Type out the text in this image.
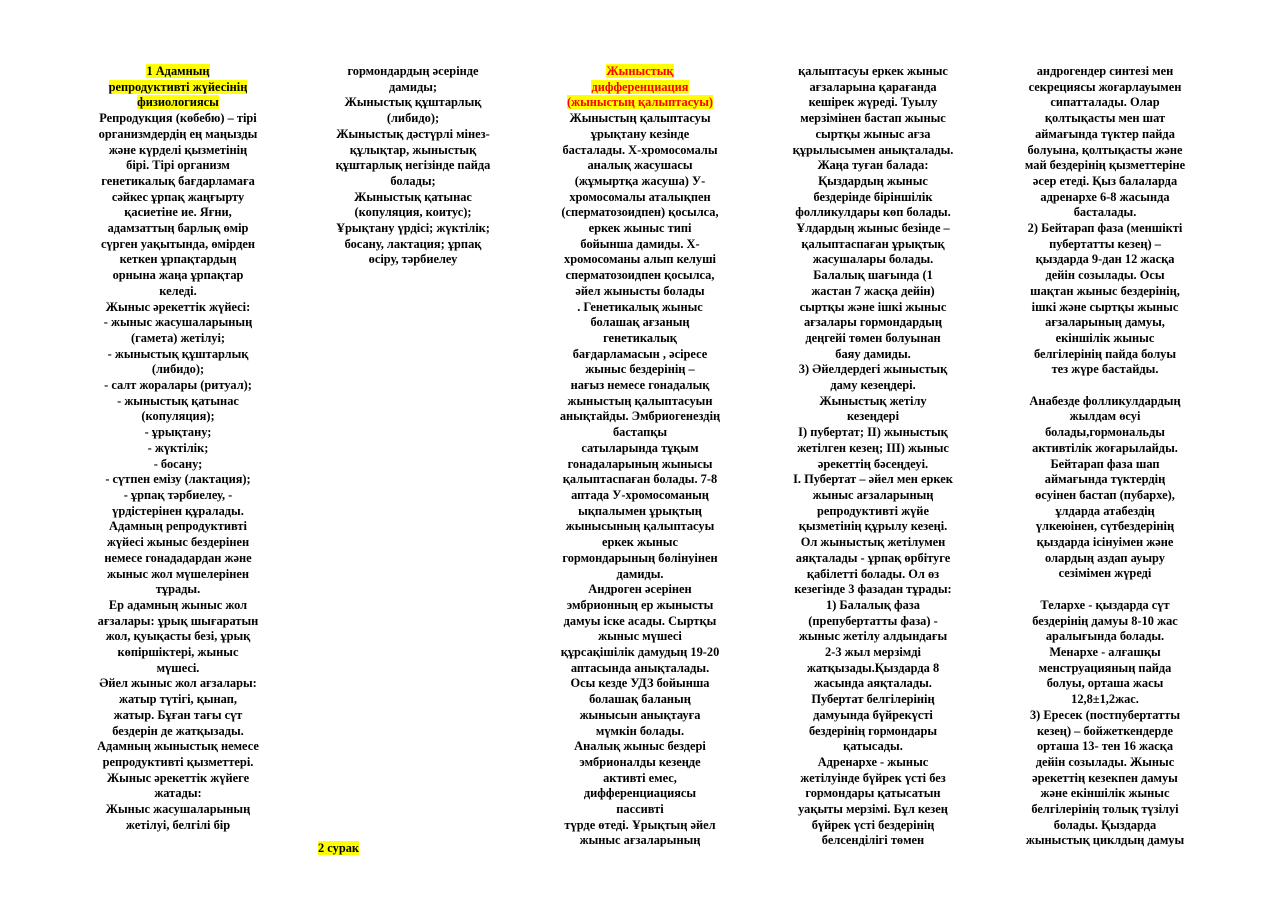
1 Адамның

репродуктивті жүйесінің

физиологиясы

Репродукция (көбебю) – тірі

организмдердің ең маңызды

және күрделі қызметінің

бірі. Тірі организм

генетикалық бағдарламаға

сәйкес ұрпақ жаңғырту

қасиетіне ие. Яғни,

адамзаттың барлық өмір

сүрген уақытында, өмірден

кеткен ұрпақтардың

орнына жаңа ұрпақтар

келеді.

Жыныс әрекеттік жүйесі:

- жыныс жасушаларының

(гамета) жетілуі;

- жыныстық құштарлық

(либидо);

- салт жоралары (ритуал);

- жыныстық қатынас

(копуляция);

- ұрықтану;

- жүктілік;

- босану;

- сүтпен емізу (лактация);

- ұрпақ тәрбиелеу, -

үрдістерінен құралады.

Адамның репродуктивті

жүйесі жыныс бездерінен

немесе гонададардан және

жыныс жол мүшелерінен

тұрады.

Ер адамның жыныс жол

ағзалары: ұрық шығаратын

жол, қуықасты безі, ұрық

көпіршіктері, жыныс

мүшесі.

Әйел жыныс жол ағзалары:

жатыр түтігі, қынап,

жатыр. Бұған тағы сүт

бездерін де жатқызады.

Адамның жыныстық немесе

репродуктивті қызметтері.

Жыныс әрекеттік жүйеге

жатады:

Жыныс жасушаларының

жетілуі, белгілі бір

гормондардың әсерінде

дамиды;

Жыныстық құштарлық

(либидо);

Жыныстық дәстүрлі мінез-

құлықтар, жыныстық

құштарлық негізінде пайда

болады;

Жыныстық қатынас

(копуляция, коитус);

Ұрықтану үрдісі; жүктілік;

босану, лактация; ұрпақ

өсіру, тәрбиелеу

Жыныстық

дифференциация

(жыныстың қалыптасуы)

Жыныстың қалыптасуы

ұрықтану кезінде

басталады. Х-хромосомалы

аналық жасушасы

(жұмыртқа жасуша) У-

хромосомалы аталықпен

(сперматозоидпен) қосылса,

еркек жыныс типі

бойынша дамиды. Х-

хромосоманы алып келуші

сперматозоидпен қосылса,

әйел жынысты болады

. Генетикалық жыныс

болашақ ағзаның

генетикалық

бағдарламасын , әсіресе

жыныс бездерінің –

нағыз немесе гонадалық

жыныстың қалыптасуын

анықтайды. Эмбриогенездің

бастапқы

сатыларында тұқым

гонадаларының жынысы

қалыптаспаған болады. 7-8

аптада У-хромосоманың

ықпалымен ұрықтың

жынысының қалыптасуы

еркек жыныс

гормондарының бөлінуінен

дамиды.

Андроген әсерінен

эмбрионның ер жынысты

дамуы іске асады. Сыртқы

жыныс мүшесі

құрсақішілік дамудың 19-20

аптасында анықталады.

Осы кезде УДЗ бойынша

болашақ баланың

жынысын анықтауға

мүмкін болады.

Аналық жыныс бездері

эмбрионалды кезеңде

активті емес,

дифференциациясы

пассивті

түрде өтеді. Ұрықтың әйел

жыныс ағзаларының

қалыптасуы еркек жыныс

ағзаларына қарағанда

кешірек жүреді. Туылу

мерзімінен бастап жыныс

сыртқы жыныс ағза

құрылысымен анықталады.

Жаңа туған балада:

Қыздардың жыныс

бездерінде біріншілік

фолликулдары көп болады.

Ұлдардың жыныс безінде –

қалыптаспаған ұрықтық

жасушалары болады.

Балалық шағында (1

жастан 7 жасқа дейін)

сыртқы және ішкі жыныс

ағзалары гормондардың

деңгейі төмен болуынан

баяу дамиды.

3) Әйелдердегі жыныстық

даму кезеңдері.

Жыныстық жетілу

кезеңдері

I) пубертат; II) жыныстық

жетілген кезең; III) жыныс

әрекеттің бәсеңдеуі.

I. Пубертат – әйел мен еркек

жыныс ағзаларының

репродуктивті жүйе

қызметінің құрылу кезеңі.

Ол жыныстық жетілумен

аяқталады - ұрпақ өрбітуге

қабілетті болады. Ол өз

кезегінде 3 фазадан тұрады:

1) Балалық фаза

(препубертатты фаза) -

жыныс жетілу алдындағы

2-3 жыл мерзімді

жатқызады.Қыздарда 8

жасында аяқталады.

Пубертат белгілерінің

дамуында бүйрекүсті

бездерінің гормондары

қатысады.

Адренархе - жыныс

жетілуінде бүйрек үсті без

гормондары қатысатын

уақыты мерзімі. Бұл кезең

бүйрек үсті бездерінің

белсенділігі төмен

андрогендер синтезі мен

секрециясы жоғарлауымен

сипатталады. Олар

қолтықасты мен шат

аймағында түктер пайда

болуына, қолтықасты және

май бездерінің қызметтеріне

әсер етеді. Қыз балаларда

адренархе 6-8 жасында

басталады.

2) Бейтарап фаза (меншікті

пубертатты кезең) –

қыздарда 9-дан 12 жасқа

дейін созылады. Осы

шақтан жыныс бездерінің,

ішкі және сыртқы жыныс

ағзаларының дамуы,

екіншілік жыныс

белгілерінің пайда болуы

тез жүре бастайды.

Анабезде фолликулдардың

жылдам өсуі

болады,гормональды

активтілік жоғарылайды.

Бейтарап фаза шап

аймағында түктердің

өсуінен бастап (пубархе),

ұлдарда атабездің

үлкеюінен, сүтбездерінің

қыздарда ісінуімен және

олардың аздап ауыру

сезімімен жүреді

Телархе - қыздарда сүт

бездерінің дамуы 8-10 жас

аралығында болады.

Менархе - алғашқы

менструацияның пайда

болуы, орташа жасы

12,8±1,2жас.

3) Ересек (постпубертатты

кезең) – бойжеткендерде

орташа 13- тен 16 жасқа

дейін созылады. Жыныс

әрекеттің кезекпен дамуы

және екіншілік жыныс

белгілерінің толық түзілуі

болады. Қыздарда

жыныстық циклдың дамуы

2 сурак
